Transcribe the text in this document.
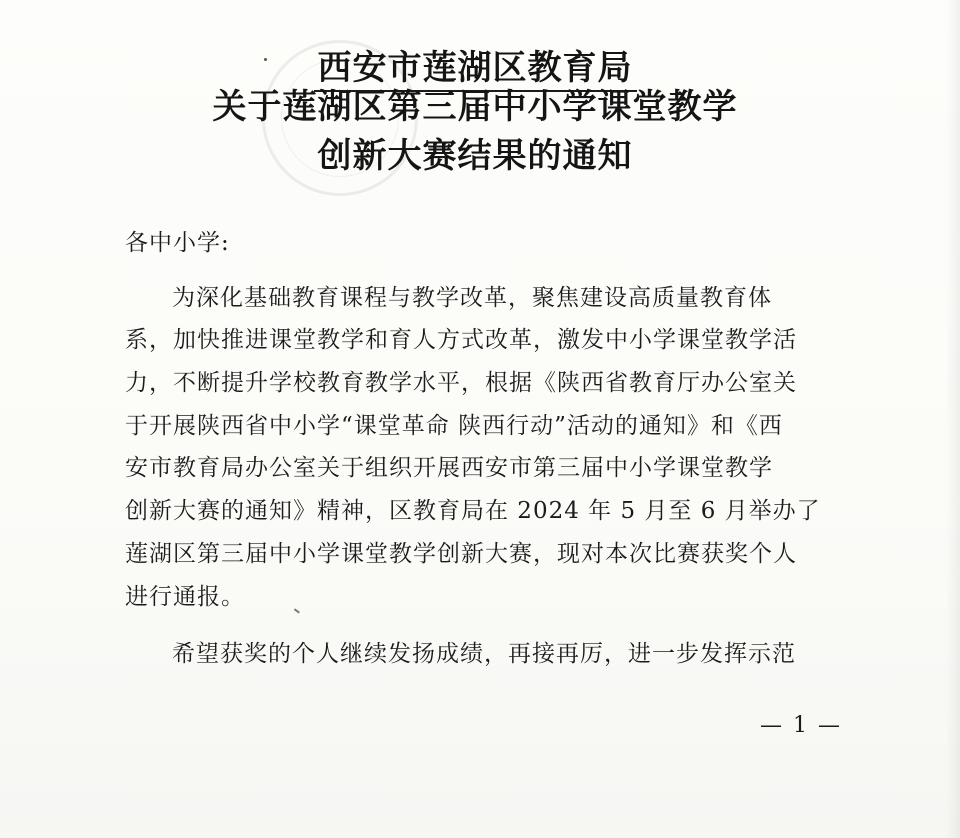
西安市莲湖区教育局
关于莲湖区第三届中小学课堂教学
创新大赛结果的通知
各中小学:
为深化基础教育课程与教学改革，聚焦建设高质量教育体
系，加快推进课堂教学和育人方式改革，激发中小学课堂教学活
力，不断提升学校教育教学水平，根据《陕西省教育厅办公室关
于开展陕西省中小学“课堂革命 陕西行动”活动的通知》和《西
安市教育局办公室关于组织开展西安市第三届中小学课堂教学
创新大赛的通知》精神，区教育局在 2024 年 5 月至 6 月举办了
莲湖区第三届中小学课堂教学创新大赛，现对本次比赛获奖个人
进行通报。
希望获奖的个人继续发扬成绩，再接再厉，进一步发挥示范
— 1 —
